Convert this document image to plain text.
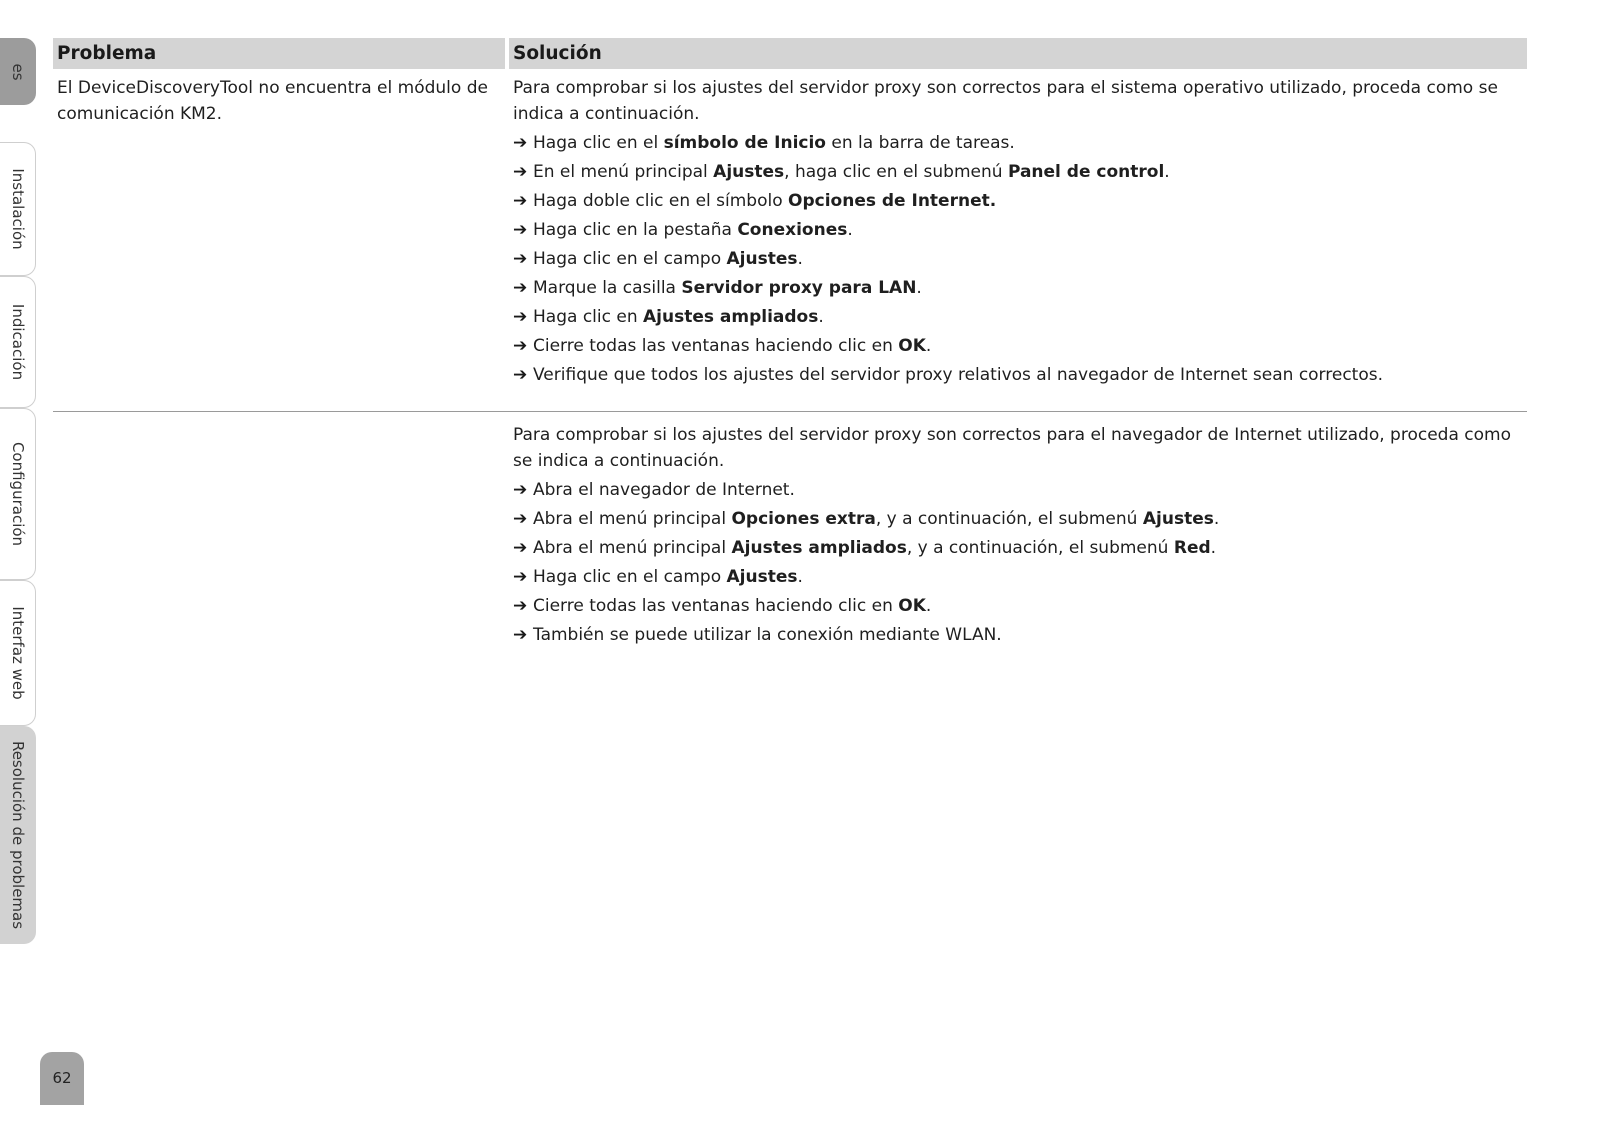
es
Instalación
Indicación
Configuración
Interfaz web
Resolución de problemas
Problema	Solución
El DeviceDiscoveryTool no encuentra el módulo de comunicación KM2.

Para comprobar si los ajustes del servidor proxy son correctos para el sistema operativo utilizado, proceda como se indica a continuación.

➔ Haga clic en el símbolo de Inicio en la barra de tareas.

➔ En el menú principal Ajustes, haga clic en el submenú Panel de control.

➔ Haga doble clic en el símbolo Opciones de Internet.

➔ Haga clic en la pestaña Conexiones.

➔ Haga clic en el campo Ajustes.

➔ Marque la casilla Servidor proxy para LAN.

➔ Haga clic en Ajustes ampliados.

➔ Cierre todas las ventanas haciendo clic en OK.

➔ Verifique que todos los ajustes del servidor proxy relativos al navegador de Internet sean correctos.

Para comprobar si los ajustes del servidor proxy son correctos para el navegador de Internet utilizado, proceda como se indica a continuación.

➔ Abra el navegador de Internet.

➔ Abra el menú principal Opciones extra, y a continuación, el submenú Ajustes.

➔ Abra el menú principal Ajustes ampliados, y a continuación, el submenú Red.

➔ Haga clic en el campo Ajustes.

➔ Cierre todas las ventanas haciendo clic en OK.

➔ También se puede utilizar la conexión mediante WLAN.

62
